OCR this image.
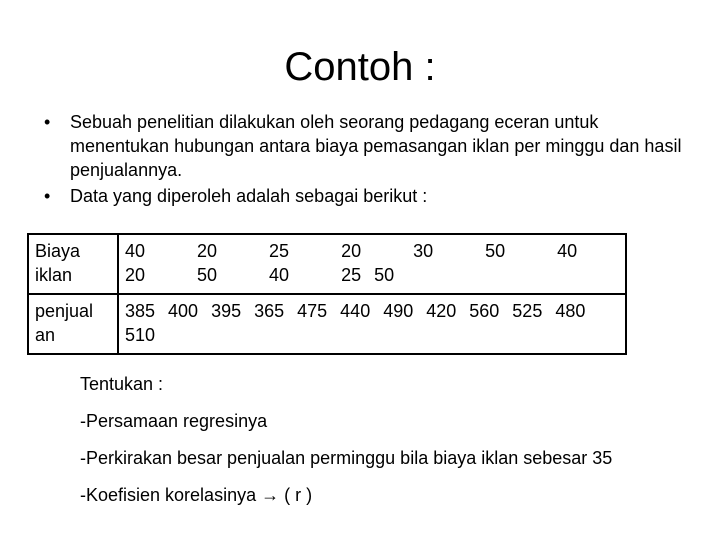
Contoh :
•	Sebuah penelitian dilakukan oleh seorang pedagang eceran untuk menentukan hubungan antara biaya pemasangan iklan per minggu dan hasil penjualannya.
•	Data yang diperoleh adalah sebagai berikut :
Biaya iklan	40    20    25    20    30    50    40    20    50    40    25 50
penjual an	385 400 395 365 475 440 490 420 560 525 480 510
Tentukan :
-Persamaan regresinya
-Perkirakan besar penjualan perminggu bila biaya iklan sebesar 35
-Koefisien korelasinya → ( r )
